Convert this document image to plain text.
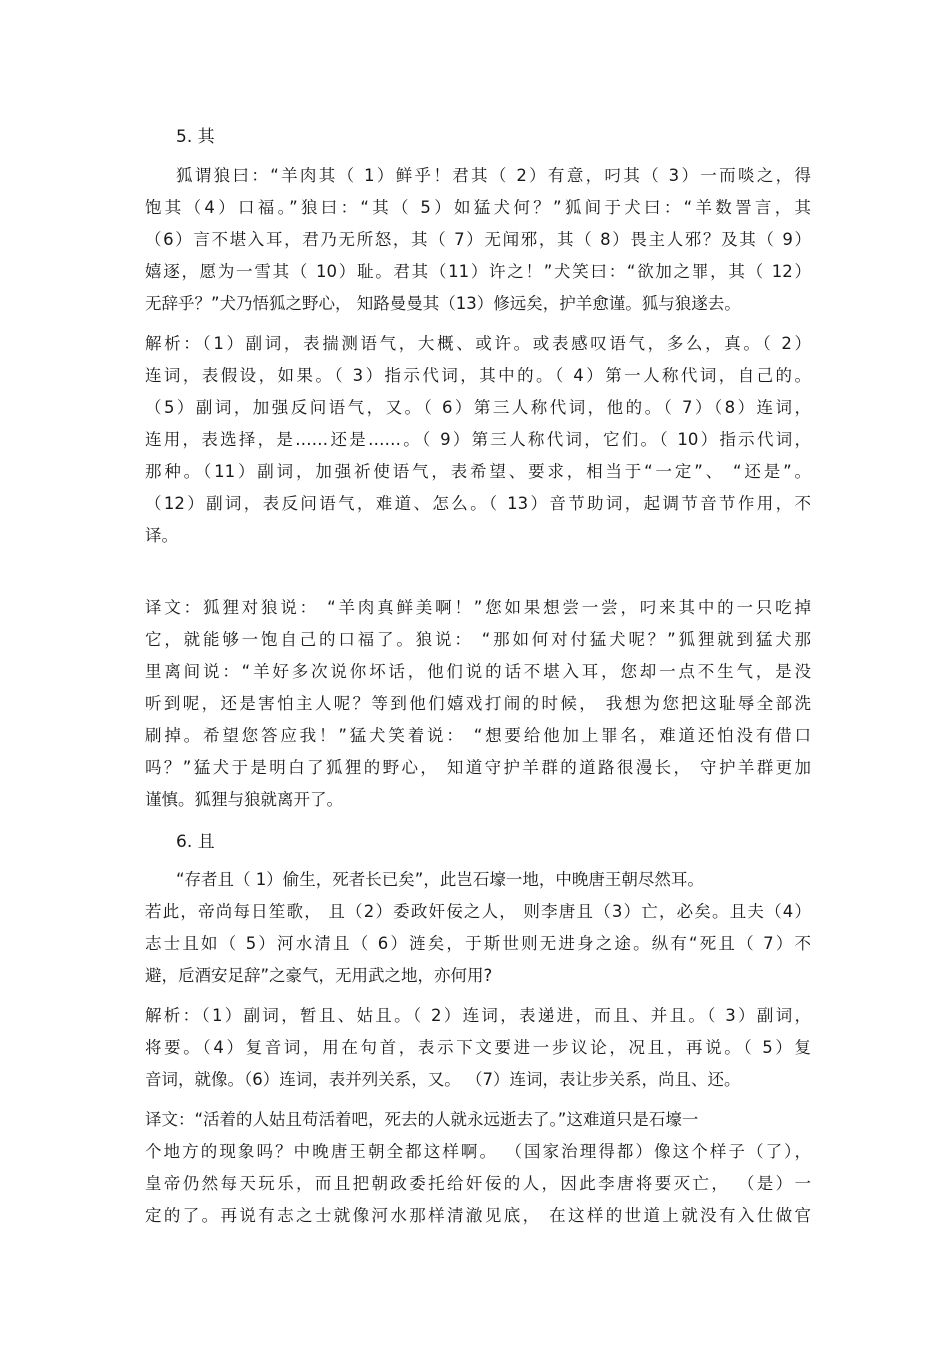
5. 其
狐谓狼曰：“羊肉其（ 1）鲜乎！君其（ 2）有意，叼其（ 3）一而啖之，得
饱其（4）口福。”狼曰：“其（ 5）如猛犬何？”狐间于犬曰：“羊数詈言，其
（6）言不堪入耳，君乃无所怒，其（ 7）无闻邪，其（ 8）畏主人邪？及其（ 9）
嬉逐，愿为一雪其（ 10）耻。君其（11）许之！”犬笑曰：“欲加之罪，其（ 12）
无辞乎？”犬乃悟狐之野心， 知路曼曼其（13）修远矣，护羊愈谨。狐与狼遂去。
解析：（1）副词，表揣测语气，大概、或许。或表感叹语气，多么，真。（ 2）
连词，表假设，如果。（ 3）指示代词，其中的。（ 4）第一人称代词，自己的。
（5）副词，加强反问语气，又。（ 6）第三人称代词，他的。（ 7）（8）连词，
连用，表选择，是……还是……。（ 9）第三人称代词，它们。（ 10）指示代词，
那种。（11）副词，加强祈使语气，表希望、要求，相当于“一定”、 “还是”。
（12）副词，表反问语气，难道、怎么。（ 13）音节助词，起调节音节作用，不
译。
译文：狐狸对狼说： “羊肉真鲜美啊！”您如果想尝一尝，叼来其中的一只吃掉
它，就能够一饱自己的口福了。狼说： “那如何对付猛犬呢？”狐狸就到猛犬那
里离间说：“羊好多次说你坏话，他们说的话不堪入耳，您却一点不生气，是没
听到呢，还是害怕主人呢？等到他们嬉戏打闹的时候， 我想为您把这耻辱全部洗
刷掉。希望您答应我！”猛犬笑着说： “想要给他加上罪名，难道还怕没有借口
吗？”猛犬于是明白了狐狸的野心， 知道守护羊群的道路很漫长， 守护羊群更加
谨慎。狐狸与狼就离开了。
6. 且
“存者且（ 1）偷生，死者长已矣”，此岂石壕一地，中晚唐王朝尽然耳。
若此，帝尚每日笙歌， 且（2）委政奸佞之人， 则李唐且（3）亡，必矣。且夫（4）
志士且如（ 5）河水清且（ 6）涟矣，于斯世则无进身之途。纵有“死且（ 7）不
避，卮酒安足辞”之豪气，无用武之地，亦何用?
解析：（1）副词，暂且、姑且。（ 2）连词，表递进，而且、并且。（ 3）副词，
将要。（4）复音词，用在句首，表示下文要进一步议论，况且，再说。（ 5）复
音词，就像。（6）连词，表并列关系，又。 （7）连词，表让步关系，尚且、还。
译文：“活着的人姑且苟活着吧，死去的人就永远逝去了。”这难道只是石壕一
个地方的现象吗？中晚唐王朝全都这样啊。 （国家治理得都）像这个样子（了），
皇帝仍然每天玩乐，而且把朝政委托给奸佞的人，因此李唐将要灭亡， （是）一
定的了。再说有志之士就像河水那样清澈见底， 在这样的世道上就没有入仕做官
